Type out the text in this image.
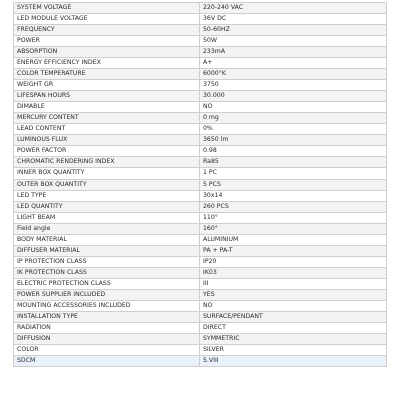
SYSTEM VOLTAGE	220-240 VAC
LED MODULE VOLTAGE	36V DC
FREQUENCY	50-60HZ
POWER	50W
ABSORPTION	233mA
ENERGY EFFICIENCY INDEX	A+
COLOR TEMPERATURE	6000°K
WEIGHT GR	3750
LIFESPAN HOURS	30.000
DIMABLE	NO
MERCURY CONTENT	0 mg
LEAD CONTENT	0%
LUMINOUS FLUX	3650 lm
POWER FACTOR	0.98
CHROMATIC RENDERING INDEX	Ra85
INNER BOX QUANTITY	1 PC
OUTER BOX QUANTITY	5 PCS
LED TYPE	30x14
LED QUANTITY	260 PCS
LIGHT BEAM	110°
Field angle	160°
BODY MATERIAL	ALUMINIUM
DIFFUSER MATERIAL	PA + PA-T
IP PROTECTION CLASS	IP20
IK PROTECTION CLASS	IK03
ELECTRIC PROTECTION CLASS	III
POWER SUPPLIER INCLUDED	YES
MOUNTING ACCESSORIES INCLUDED	NO
INSTALLATION TYPE	SURFACE/PENDANT
RADIATION	DIRECT
DIFFUSION	SYMMETRIC
COLOR	SILVER
SDCM	5.VIII
